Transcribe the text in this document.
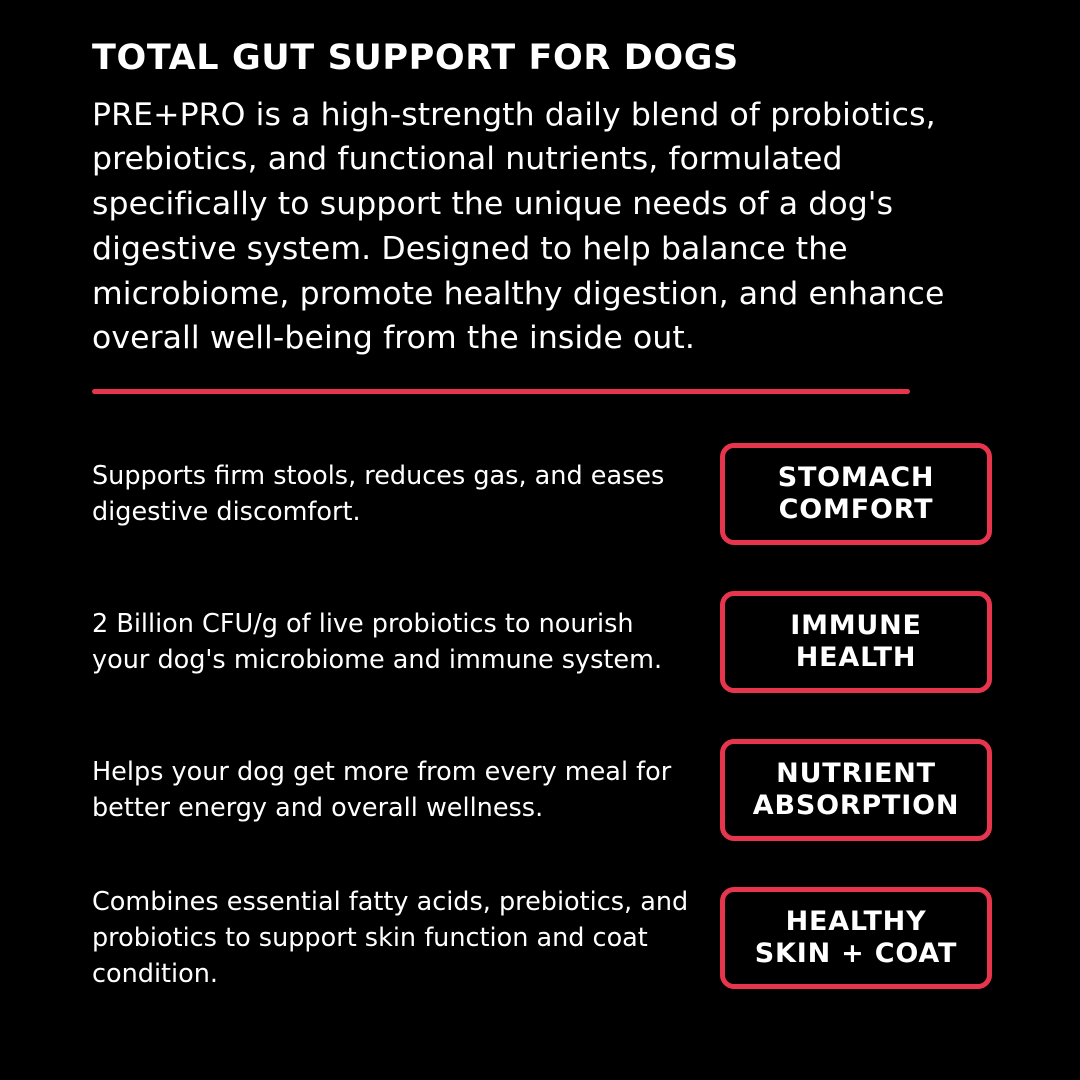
TOTAL GUT SUPPORT FOR DOGS

PRE+PRO is a high-strength daily blend of probiotics, prebiotics, and functional nutrients, formulated specifically to support the unique needs of a dog's digestive system. Designed to help balance the microbiome, promote healthy digestion, and enhance overall well-being from the inside out.

Supports firm stools, reduces gas, and eases digestive discomfort.
STOMACH
COMFORT
2 Billion CFU/g of live probiotics to nourish your dog's microbiome and immune system.
IMMUNE
HEALTH
Helps your dog get more from every meal for better energy and overall wellness.
NUTRIENT
ABSORPTION
Combines essential fatty acids, prebiotics, and probiotics to support skin function and coat condition.
HEALTHY
SKIN + COAT
